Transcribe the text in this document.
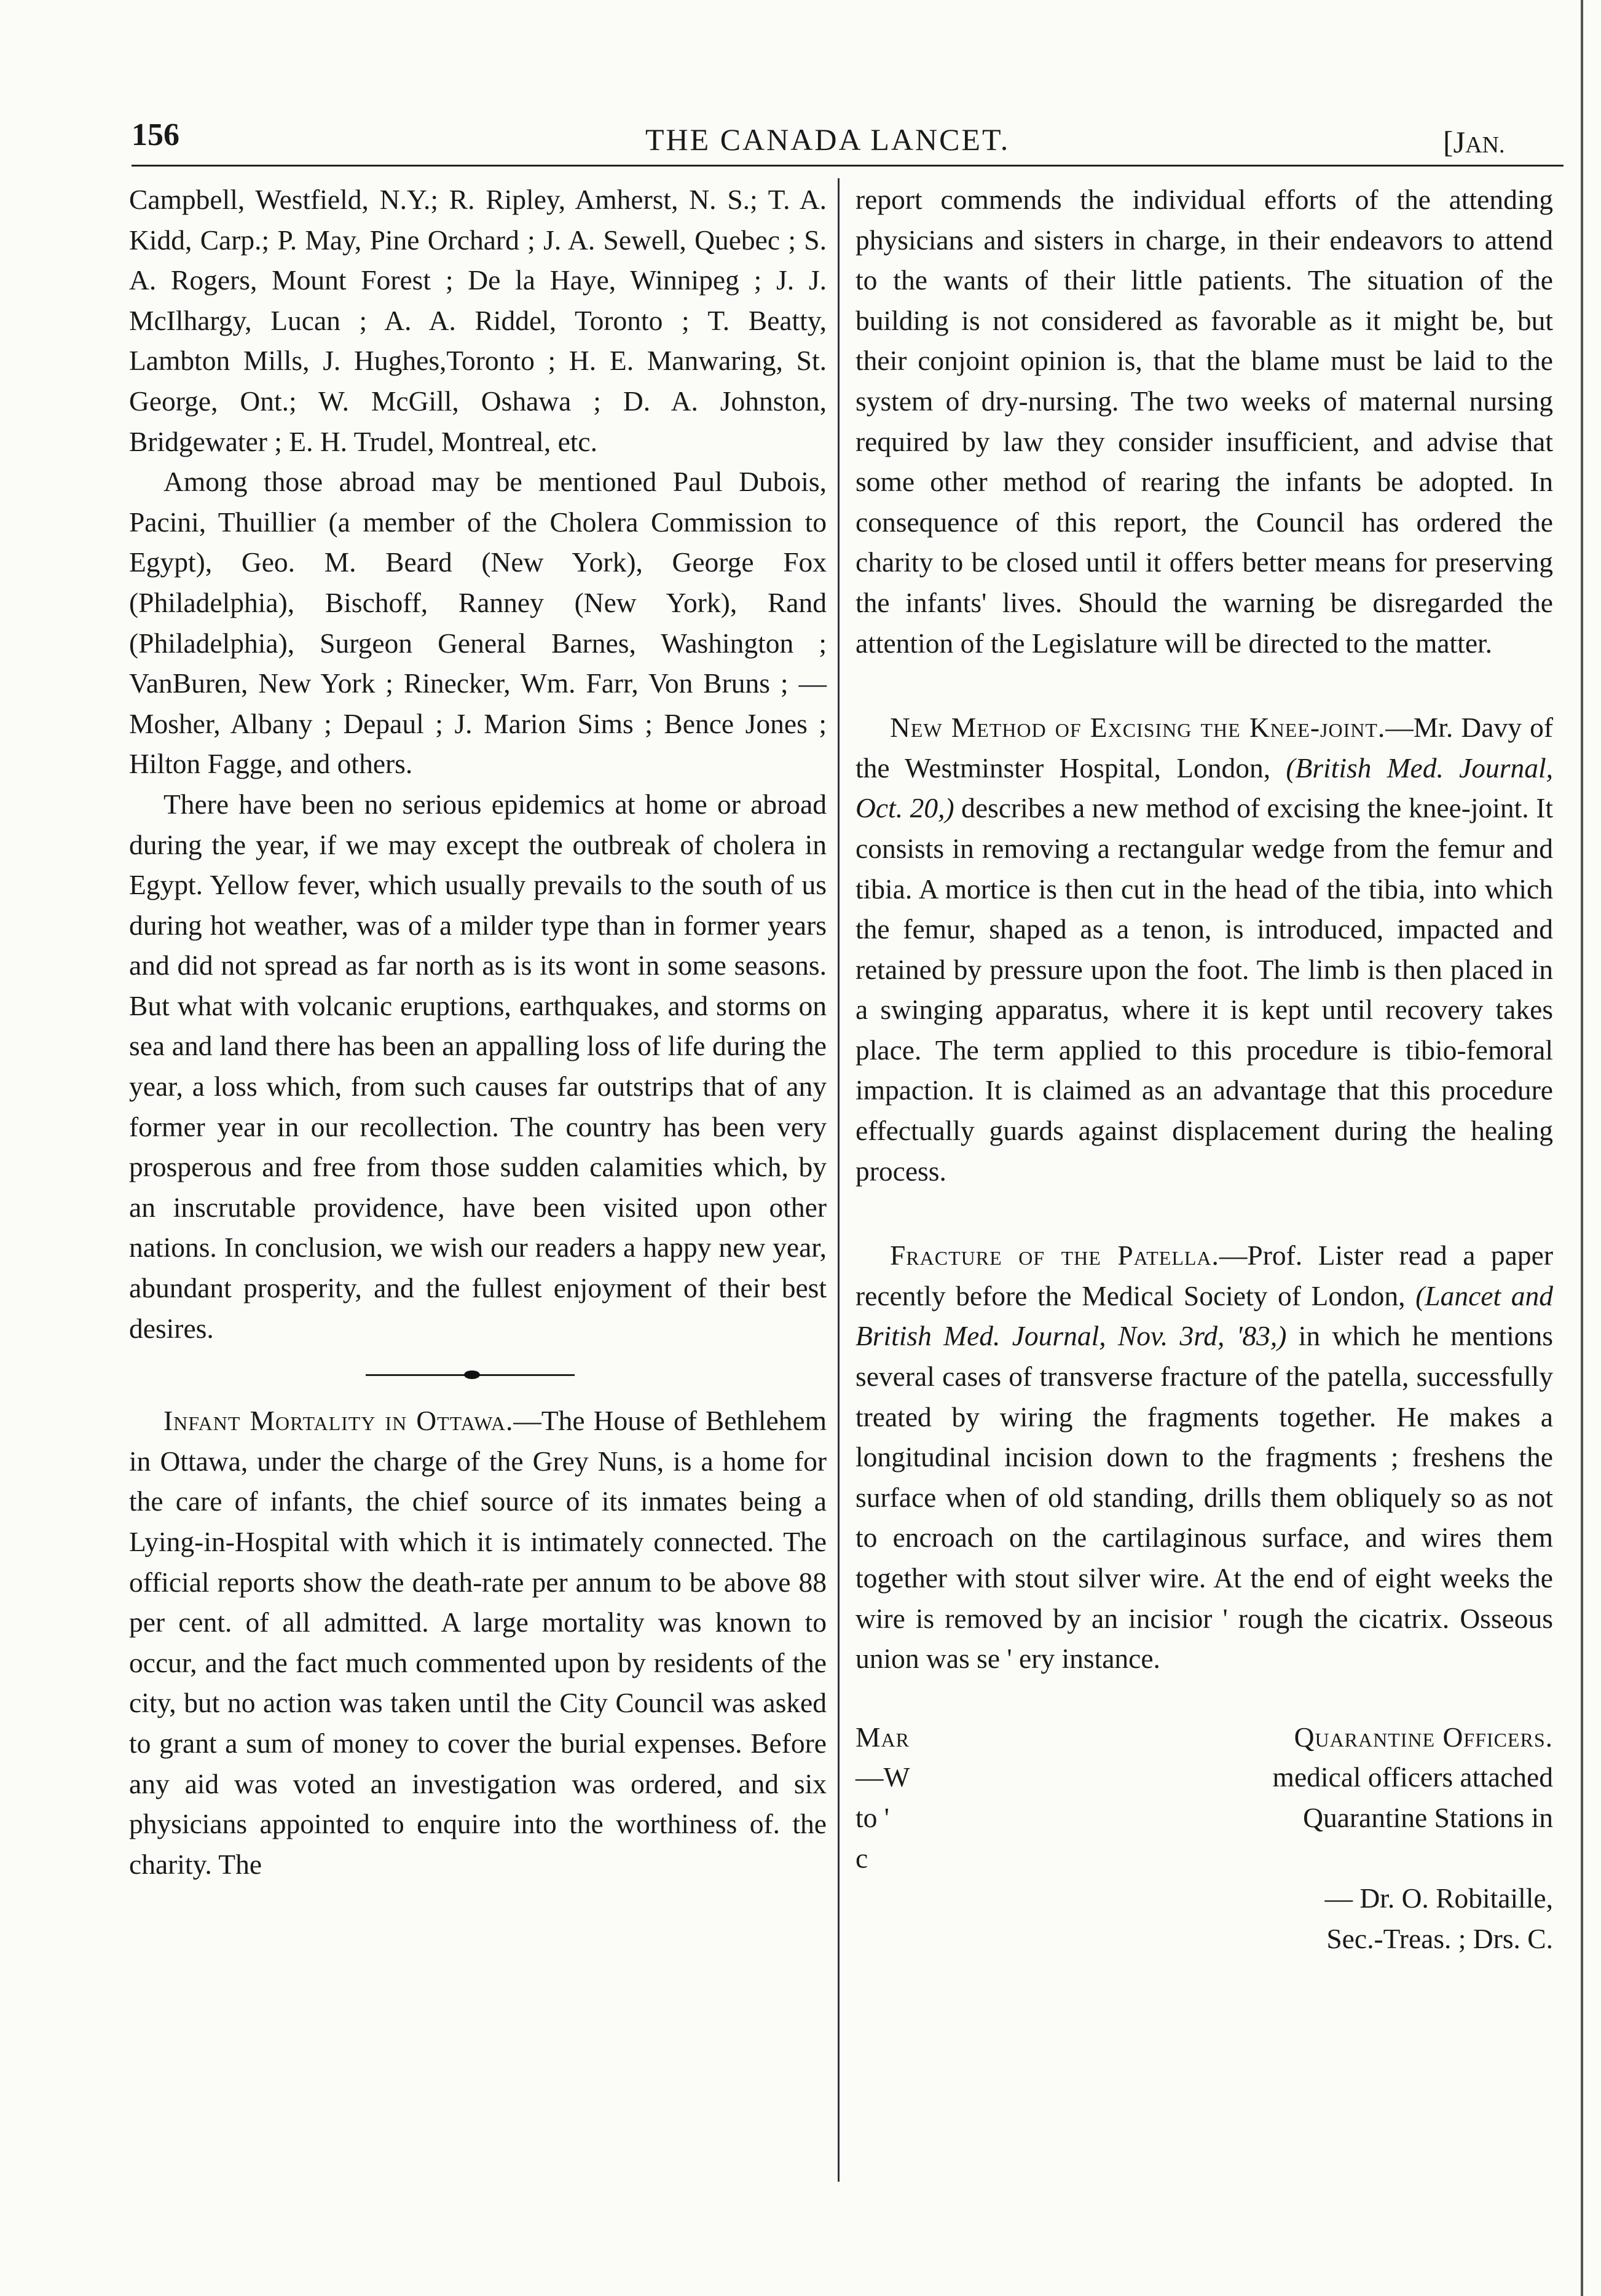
156	THE CANADA LANCET.	[JAN.

Campbell, Westfield, N.Y.; R. Ripley, Amherst, N. S.; T. A. Kidd, Carp.; P. May, Pine Orchard ; J. A. Sewell, Quebec ; S. A. Rogers, Mount Forest ; De la Haye, Winnipeg ; J. J. McIlhargy, Lucan ; A. A. Riddel, Toronto ; T. Beatty, Lambton Mills, J. Hughes,Toronto ; H. E. Manwaring, St. George, Ont.; W. McGill, Oshawa ; D. A. Johnston, Bridgewater ; E. H. Trudel, Montreal, etc.

Among those abroad may be mentioned Paul Dubois, Pacini, Thuillier (a member of the Cholera Commission to Egypt), Geo. M. Beard (New York), George Fox (Philadelphia), Bischoff, Ranney (New York), Rand (Philadelphia), Surgeon General Barnes, Washington ; VanBuren, New York ; Rinecker, Wm. Farr, Von Bruns ; — Mosher, Albany ; Depaul ; J. Marion Sims ; Bence Jones ; Hilton Fagge, and others.

There have been no serious epidemics at home or abroad during the year, if we may except the outbreak of cholera in Egypt. Yellow fever, which usually prevails to the south of us during hot weather, was of a milder type than in former years and did not spread as far north as is its wont in some seasons. But what with volcanic eruptions, earthquakes, and storms on sea and land there has been an appalling loss of life during the year, a loss which, from such causes far outstrips that of any former year in our recollection. The country has been very prosperous and free from those sudden calamities which, by an inscrutable providence, have been visited upon other nations. In conclusion, we wish our readers a happy new year, abundant prosperity, and the fullest enjoyment of their best desires.

Infant Mortality in Ottawa.—The House of Bethlehem in Ottawa, under the charge of the Grey Nuns, is a home for the care of infants, the chief source of its inmates being a Lying-in-Hospital with which it is intimately connected. The official reports show the death-rate per annum to be above 88 per cent. of all admitted. A large mortality was known to occur, and the fact much commented upon by residents of the city, but no action was taken until the City Council was asked to grant a sum of money to cover the burial expenses. Before any aid was voted an investigation was ordered, and six physicians appointed to enquire into the worthiness of. the charity. The

report commends the individual efforts of the attending physicians and sisters in charge, in their endeavors to attend to the wants of their little patients. The situation of the building is not considered as favorable as it might be, but their conjoint opinion is, that the blame must be laid to the system of dry-nursing. The two weeks of maternal nursing required by law they consider insufficient, and advise that some other method of rearing the infants be adopted. In consequence of this report, the Council has ordered the charity to be closed until it offers better means for preserving the infants' lives. Should the warning be disregarded the attention of the Legislature will be directed to the matter.

New Method of Excising the Knee-joint.—Mr. Davy of the Westminster Hospital, London, (British Med. Journal, Oct. 20,) describes a new method of excising the knee-joint. It consists in removing a rectangular wedge from the femur and tibia. A mortice is then cut in the head of the tibia, into which the femur, shaped as a tenon, is introduced, impacted and retained by pressure upon the foot. The limb is then placed in a swinging apparatus, where it is kept until recovery takes place. The term applied to this procedure is tibio-femoral impaction. It is claimed as an advantage that this procedure effectually guards against displacement during the healing process.

Fracture of the Patella.—Prof. Lister read a paper recently before the Medical Society of London, (Lancet and British Med. Journal, Nov. 3rd, '83,) in which he mentions several cases of transverse fracture of the patella, successfully treated by wiring the fragments together. He makes a longitudinal incision down to the fragments ; freshens the surface when of old standing, drills them obliquely so as not to encroach on the cartilaginous surface, and wires them together with stout silver wire. At the end of eight weeks the wire is removed by an incisior ' rough the cicatrix. Osseous union was se ' ery instance.

Mar	Quarantine Officers.
—W	medical officers attached
to '	Quarantine Stations in
c
— Dr. O. Robitaille,
Sec.-Treas. ; Drs. C.
